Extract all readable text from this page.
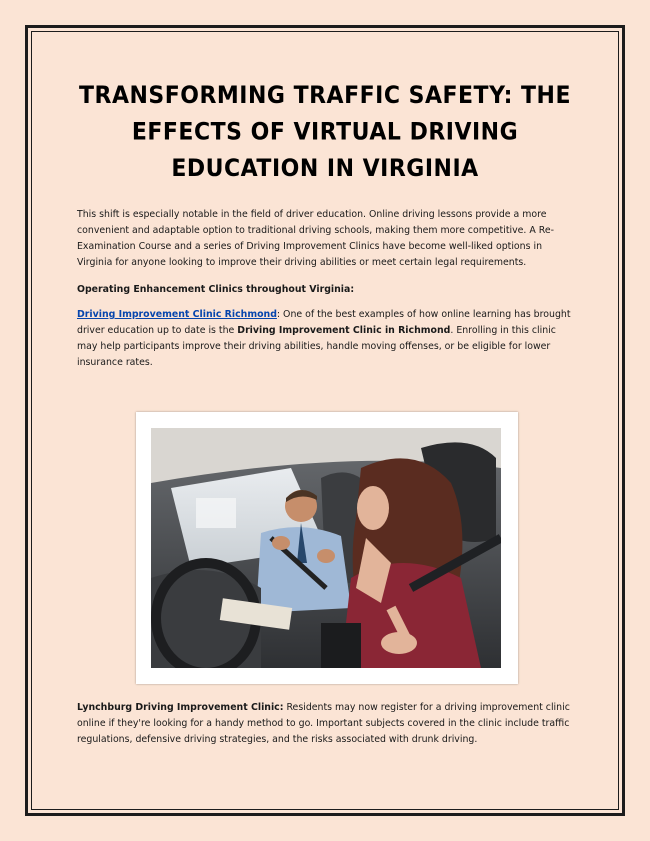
TRANSFORMING TRAFFIC SAFETY: THE EFFECTS OF VIRTUAL DRIVING EDUCATION IN VIRGINIA

This shift is especially notable in the field of driver education. Online driving lessons provide a more convenient and adaptable option to traditional driving schools, making them more competitive. A Re-Examination Course and a series of Driving Improvement Clinics have become well-liked options in Virginia for anyone looking to improve their driving abilities or meet certain legal requirements.

Operating Enhancement Clinics throughout Virginia:

Driving Improvement Clinic Richmond: One of the best examples of how online learning has brought driver education up to date is the Driving Improvement Clinic in Richmond. Enrolling in this clinic may help participants improve their driving abilities, handle moving offenses, or be eligible for lower insurance rates.

Lynchburg Driving Improvement Clinic: Residents may now register for a driving improvement clinic online if they're looking for a handy method to go. Important subjects covered in the clinic include traffic regulations, defensive driving strategies, and the risks associated with drunk driving.
